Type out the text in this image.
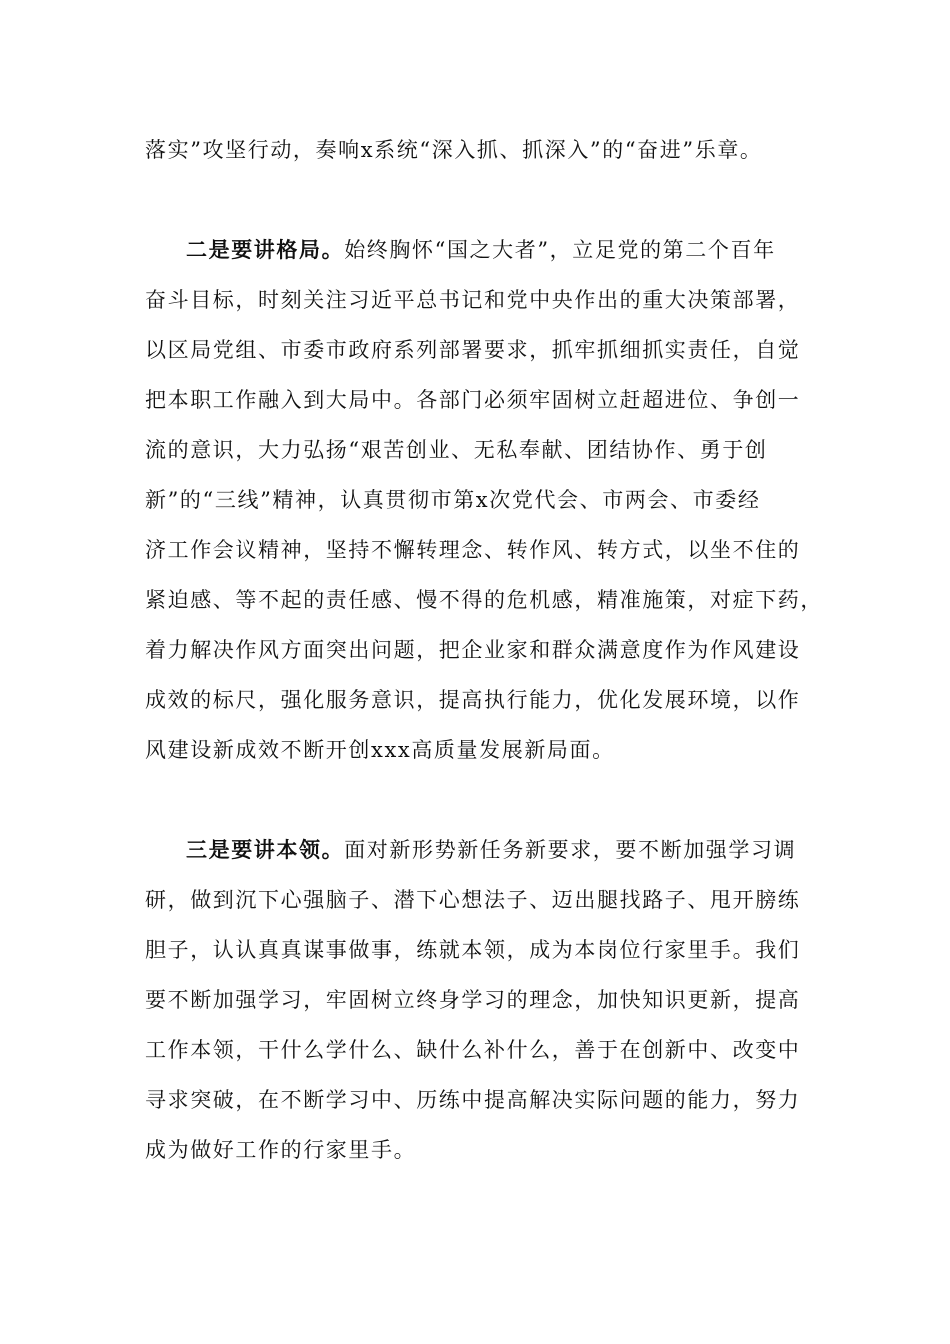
落实”攻坚行动，奏响x系统“深入抓、抓深入”的“奋进”乐章。
二是要讲格局。始终胸怀“国之大者”，立足党的第二个百年
奋斗目标，时刻关注习近平总书记和党中央作出的重大决策部署，
以区局党组、市委市政府系列部署要求，抓牢抓细抓实责任，自觉
把本职工作融入到大局中。各部门必须牢固树立赶超进位、争创一
流的意识，大力弘扬“艰苦创业、无私奉献、团结协作、勇于创
新”的“三线”精神，认真贯彻市第x次党代会、市两会、市委经
济工作会议精神，坚持不懈转理念、转作风、转方式，以坐不住的
紧迫感、等不起的责任感、慢不得的危机感，精准施策，对症下药，
着力解决作风方面突出问题，把企业家和群众满意度作为作风建设
成效的标尺，强化服务意识，提高执行能力，优化发展环境，以作
风建设新成效不断开创xxx高质量发展新局面。
三是要讲本领。面对新形势新任务新要求，要不断加强学习调
研，做到沉下心强脑子、潜下心想法子、迈出腿找路子、甩开膀练
胆子，认认真真谋事做事，练就本领，成为本岗位行家里手。我们
要不断加强学习，牢固树立终身学习的理念，加快知识更新，提高
工作本领，干什么学什么、缺什么补什么，善于在创新中、改变中
寻求突破，在不断学习中、历练中提高解决实际问题的能力，努力
成为做好工作的行家里手。
